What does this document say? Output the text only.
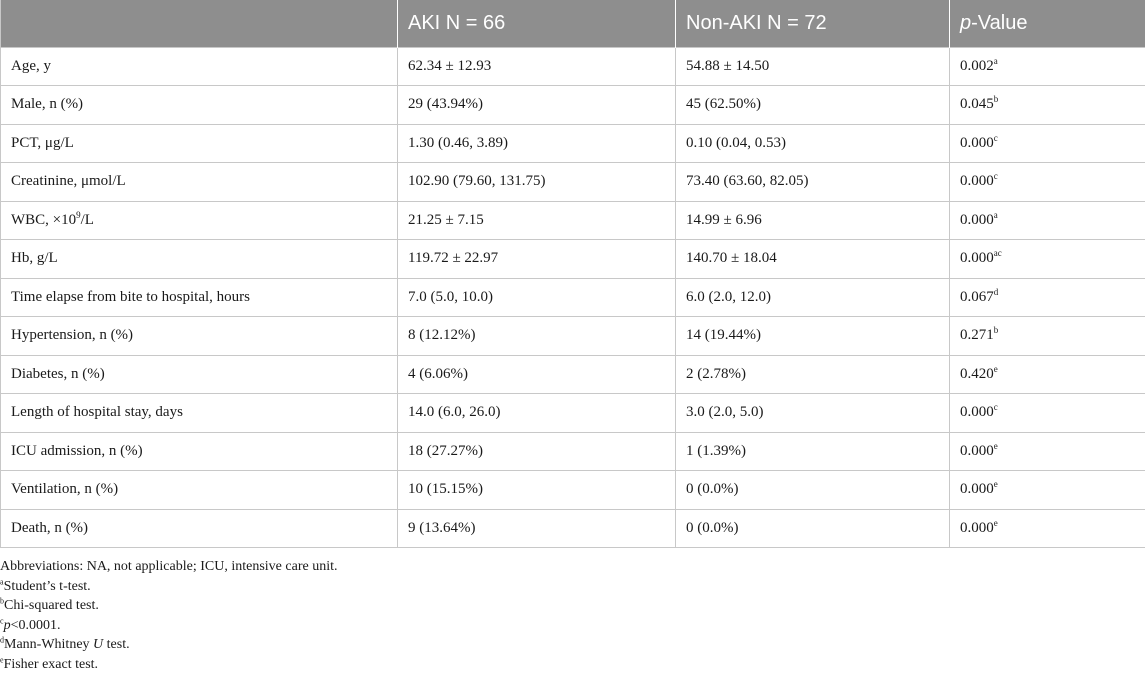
	AKI N = 66	Non-AKI N = 72	p-Value
Age, y	62.34 ± 12.93	54.88 ± 14.50	0.002$^a$
Male, n (%)	29 (43.94%)	45 (62.50%)	0.045$^b$
PCT, μg/L	1.30 (0.46, 3.89)	0.10 (0.04, 0.53)	0.000$^c$
Creatinine, μmol/L	102.90 (79.60, 131.75)	73.40 (63.60, 82.05)	0.000$^c$
WBC, $\times 10^9/L$	21.25 ± 7.15	14.99 ± 6.96	0.000$^a$
Hb, g/L	119.72 ± 22.97	140.70 ± 18.04	0.000$^{ac}$
Time elapse from bite to hospital, hours	7.0 (5.0, 10.0)	6.0 (2.0, 12.0)	0.067$^d$
Hypertension, n (%)	8 (12.12%)	14 (19.44%)	0.271$^b$
Diabetes, n (%)	4 (6.06%)	2 (2.78%)	0.420e
Length of hospital stay, days	14.0 (6.0, 26.0)	3.0 (2.0, 5.0)	0.000$^c$
ICU admission, n (%)	18 (27.27%)	1 (1.39%)	0.000e
Ventilation, n (%)	10 (15.15%)	0 (0.0%)	0.000e
Death, n (%)	9 (13.64%)	0 (0.0%)	0.000e
Abbreviations: NA, not applicable; ICU, intensive care unit.
$^a$Student’s t-test.
$^b$Chi-squared test.
$^c$p<0.0001.
$^d$Mann-Whitney U test.
$^e$Fisher exact test.
